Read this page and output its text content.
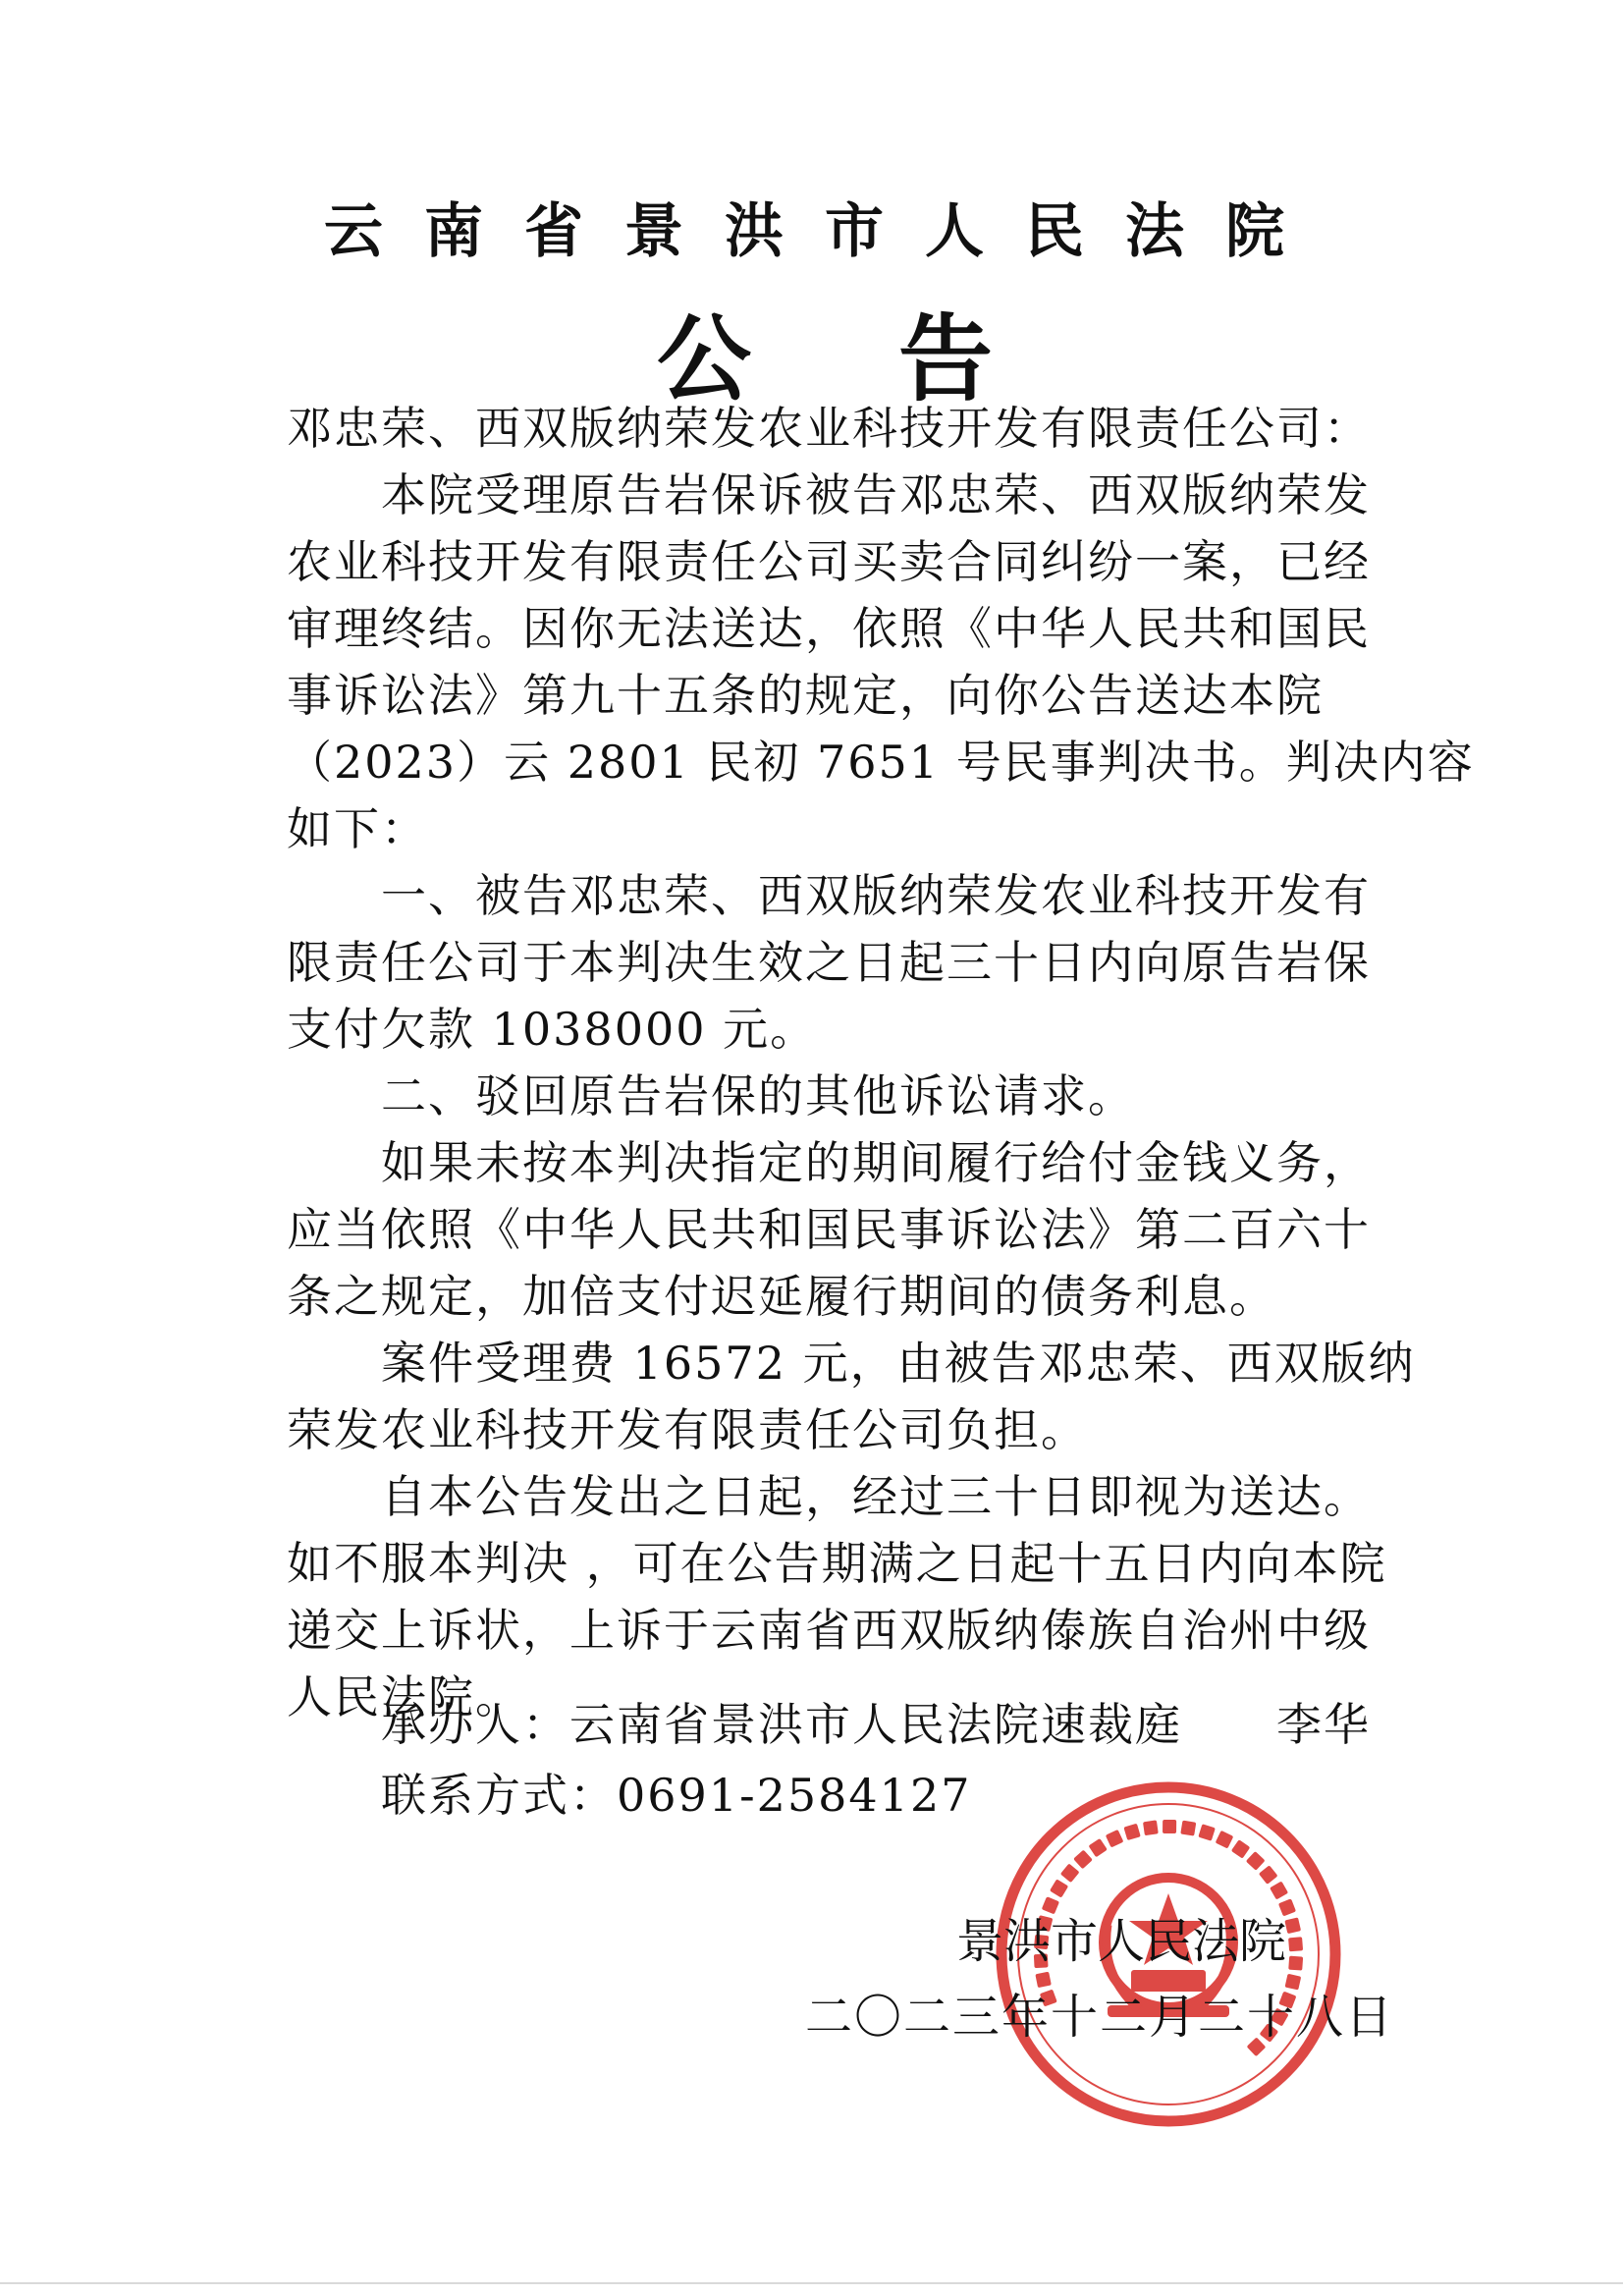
云南省景洪市人民法院
公告
邓忠荣、西双版纳荣发农业科技开发有限责任公司：
本院受理原告岩保诉被告邓忠荣、西双版纳荣发
农业科技开发有限责任公司买卖合同纠纷一案，已经
审理终结。因你无法送达，依照《中华人民共和国民
事诉讼法》第九十五条的规定，向你公告送达本院
（2023）云 2801 民初 7651 号民事判决书。判决内容
如下：
一、被告邓忠荣、西双版纳荣发农业科技开发有
限责任公司于本判决生效之日起三十日内向原告岩保
支付欠款 1038000 元。
二、驳回原告岩保的其他诉讼请求。
如果未按本判决指定的期间履行给付金钱义务，
应当依照《中华人民共和国民事诉讼法》第二百六十
条之规定，加倍支付迟延履行期间的债务利息。
案件受理费 16572 元，由被告邓忠荣、西双版纳
荣发农业科技开发有限责任公司负担。
自本公告发出之日起，经过三十日即视为送达。
如不服本判决 ，可在公告期满之日起十五日内向本院
递交上诉状，上诉于云南省西双版纳傣族自治州中级
人民法院。
承办人：云南省景洪市人民法院速裁庭　　李华
联系方式：0691-2584127
景洪市人民法院
二〇二三年十二月二十八日
